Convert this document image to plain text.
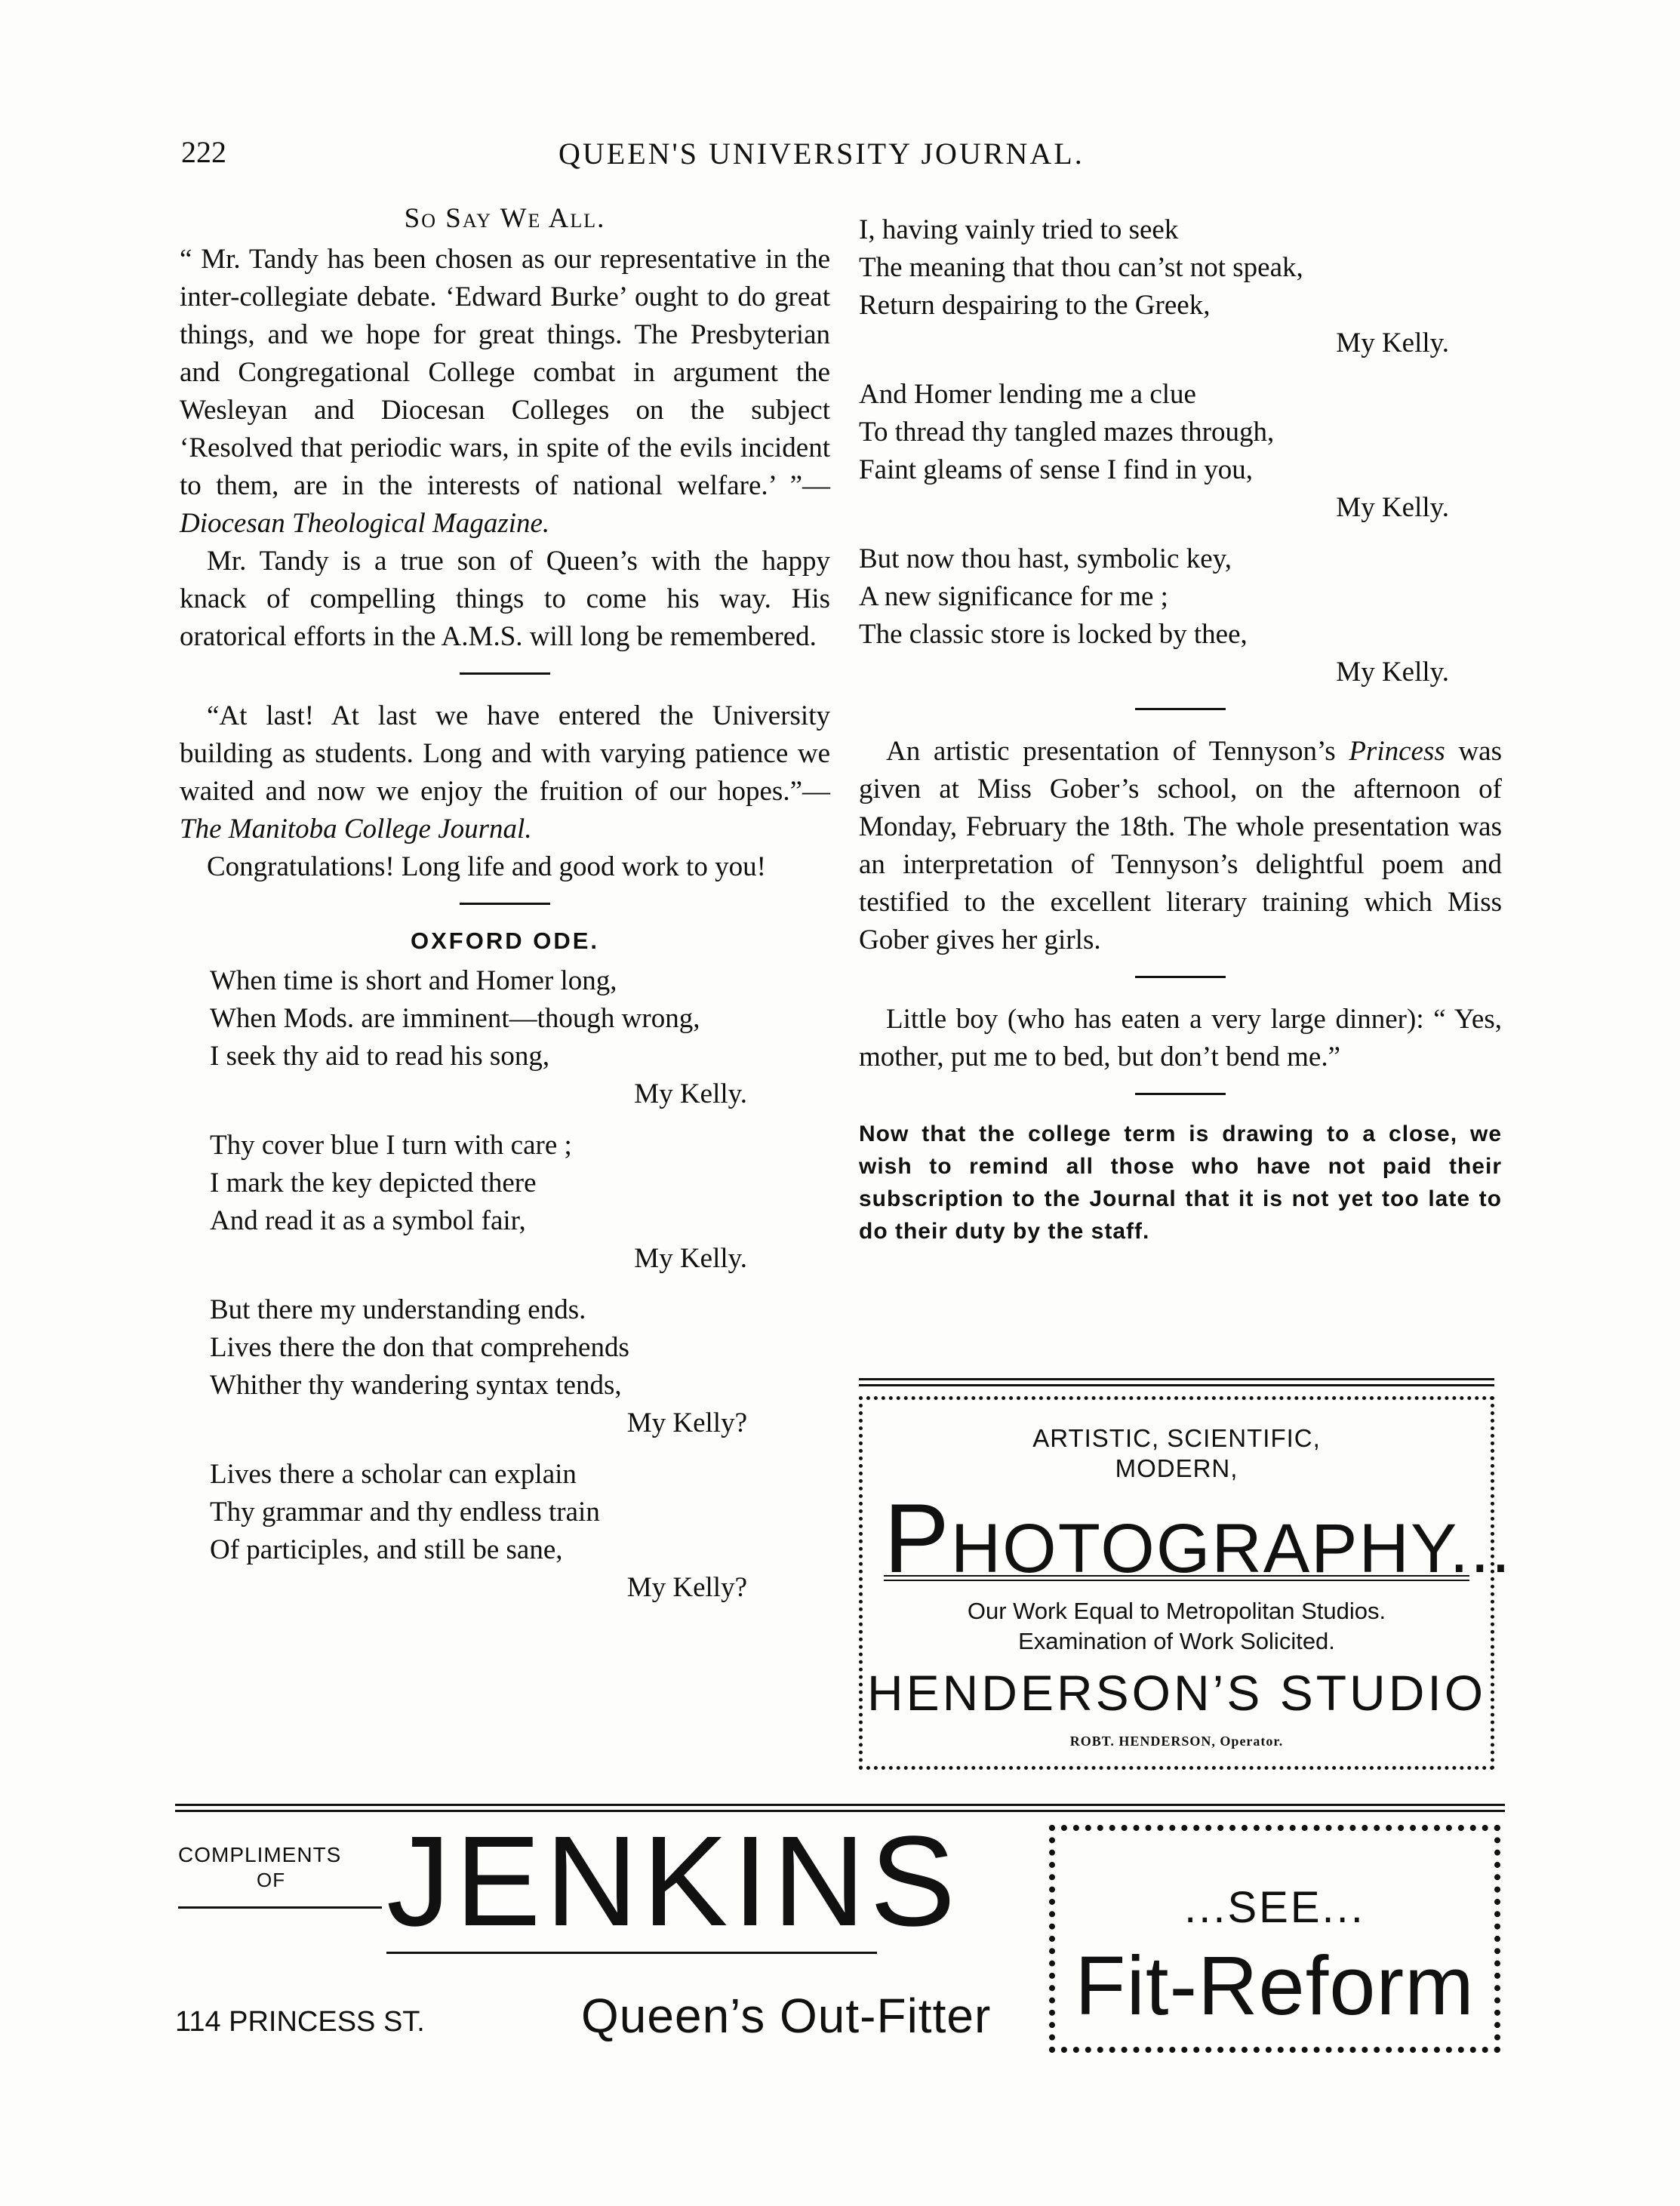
222	QUEEN'S UNIVERSITY JOURNAL.

So Say We All.

“ Mr. Tandy has been chosen as our representative in the inter-collegiate debate. ‘Edward Burke’ ought to do great things, and we hope for great things. The Presbyterian and Congregational College combat in argument the Wesleyan and Diocesan Colleges on the subject ‘Resolved that periodic wars, in spite of the evils incident to them, are in the interests of national welfare.’ ”—Diocesan Theological Magazine.

Mr. Tandy is a true son of Queen’s with the happy knack of compelling things to come his way. His oratorical efforts in the A.M.S. will long be remembered.

“At last! At last we have entered the University building as students. Long and with varying patience we waited and now we enjoy the fruition of our hopes.”—The Manitoba College Journal.

Congratulations! Long life and good work to you!

OXFORD ODE.

When time is short and Homer long,

When Mods. are imminent—though wrong,

I seek thy aid to read his song,

My Kelly.

Thy cover blue I turn with care ;

I mark the key depicted there

And read it as a symbol fair,

My Kelly.

But there my understanding ends.

Lives there the don that comprehends

Whither thy wandering syntax tends,

My Kelly?

Lives there a scholar can explain

Thy grammar and thy endless train

Of participles, and still be sane,

My Kelly?

I, having vainly tried to seek

The meaning that thou can’st not speak,

Return despairing to the Greek,

My Kelly.

And Homer lending me a clue

To thread thy tangled mazes through,

Faint gleams of sense I find in you,

My Kelly.

But now thou hast, symbolic key,

A new significance for me ;

The classic store is locked by thee,

My Kelly.

An artistic presentation of Tennyson’s Princess was given at Miss Gober’s school, on the afternoon of Monday, February the 18th. The whole presentation was an interpretation of Tennyson’s delightful poem and testified to the excellent literary training which Miss Gober gives her girls.

Little boy (who has eaten a very large dinner): “ Yes, mother, put me to bed, but don’t bend me.”

Now that the college term is drawing to a close, we wish to remind all those who have not paid their subscription to the Journal that it is not yet too late to do their duty by the staff.

ARTISTIC, SCIENTIFIC,
MODERN,
PHOTOGRAPHY...
Our Work Equal to Metropolitan Studios.
Examination of Work Solicited.
HENDERSON’S STUDIO
ROBT. HENDERSON, Operator.
COMPLIMENTS
OF JENKINS
114 PRINCESS ST.	Queen’s Out-Fitter
...SEE...
Fit-Reform
